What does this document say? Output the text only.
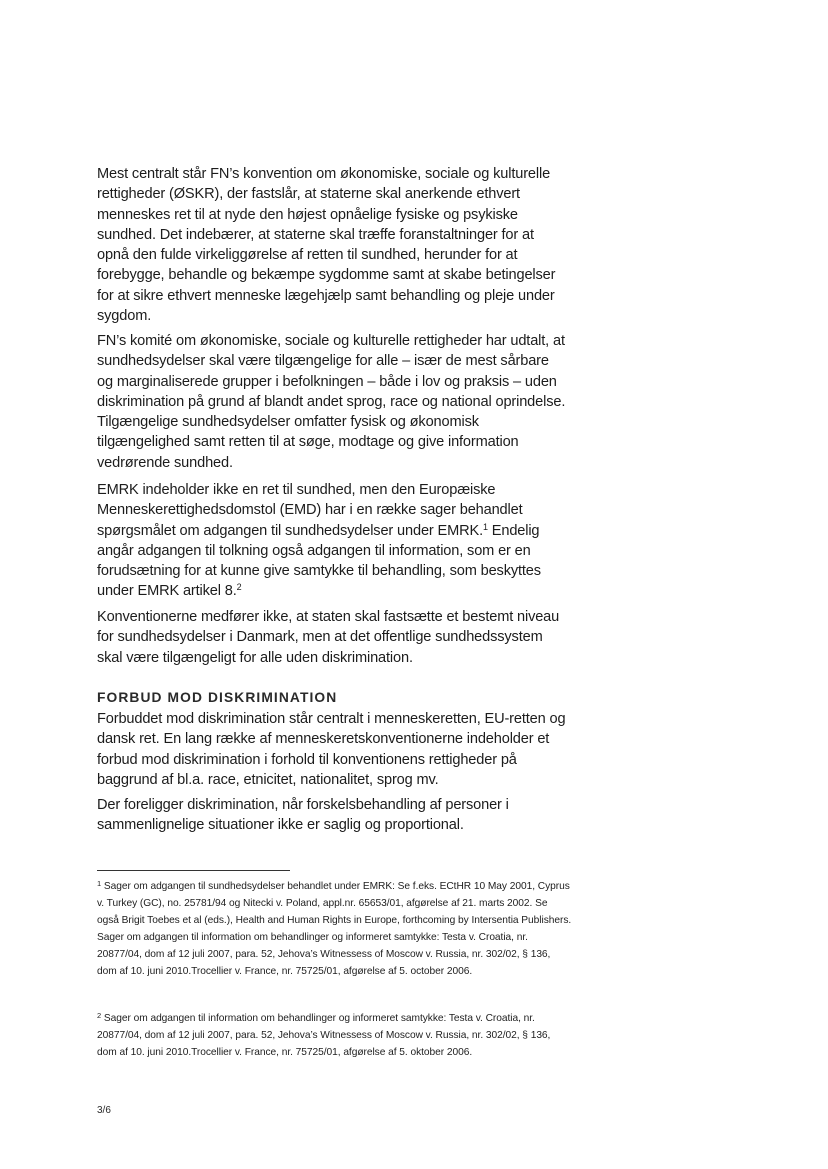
Mest centralt står FN’s konvention om økonomiske, sociale og kulturelle rettigheder (ØSKR), der fastslår, at staterne skal anerkende ethvert menneskes ret til at nyde den højest opnåelige fysiske og psykiske sundhed. Det indebærer, at staterne skal træffe foranstaltninger for at opnå den fulde virkeliggørelse af retten til sundhed, herunder for at forebygge, behandle og bekæmpe sygdomme samt at skabe betingelser for at sikre ethvert menneske lægehjælp samt behandling og pleje under sygdom.

FN’s komité om økonomiske, sociale og kulturelle rettigheder har udtalt, at sundhedsydelser skal være tilgængelige for alle – især de mest sårbare og marginaliserede grupper i befolkningen – både i lov og praksis – uden diskrimination på grund af blandt andet sprog, race og national oprindelse. Tilgængelige sundhedsydelser omfatter fysisk og økonomisk tilgængelighed samt retten til at søge, modtage og give information vedrørende sundhed.

EMRK indeholder ikke en ret til sundhed, men den Europæiske Menneskerettighedsdomstol (EMD) har i en række sager behandlet spørgsmålet om adgangen til sundhedsydelser under EMRK.$^1$ Endelig angår adgangen til tolkning også adgangen til information, som er en forudsætning for at kunne give samtykke til behandling, som beskyttes under EMRK artikel 8.$^2$

Konventionerne medfører ikke, at staten skal fastsætte et bestemt niveau for sundhedsydelser i Danmark, men at det offentlige sundhedssystem skal være tilgængeligt for alle uden diskrimination.

FORBUD MOD DISKRIMINATION

Forbuddet mod diskrimination står centralt i menneskeretten, EU-retten og dansk ret. En lang række af menneskeretskonventionerne indeholder et forbud mod diskrimination i forhold til konventionens rettigheder på baggrund af bl.a. race, etnicitet, nationalitet, sprog mv.

Der foreligger diskrimination, når forskelsbehandling af personer i sammenlignelige situationer ikke er saglig og proportional.

$^1$ Sager om adgangen til sundhedsydelser behandlet under EMRK: Se f.eks. ECtHR 10 May 2001, Cyprus v. Turkey (GC), no. 25781/94 og Nitecki v. Poland, appl.nr. 65653/01, afgørelse af 21. marts 2002. Se også Brigit Toebes et al (eds.), Health and Human Rights in Europe, forthcoming by Intersentia Publishers. Sager om adgangen til information om behandlinger og informeret samtykke: Testa v. Croatia, nr. 20877/04, dom af 12 juli 2007, para. 52, Jehova’s Witnessess of Moscow v. Russia, nr. 302/02, § 136, dom af 10. juni 2010.Trocellier v. France, nr. 75725/01, afgørelse af 5. october 2006.

$^2$ Sager om adgangen til information om behandlinger og informeret samtykke: Testa v. Croatia, nr. 20877/04, dom af 12 juli 2007, para. 52, Jehova’s Witnessess of Moscow v. Russia, nr. 302/02, § 136, dom af 10. juni 2010.Trocellier v. France, nr. 75725/01, afgørelse af 5. oktober 2006.

3/6
